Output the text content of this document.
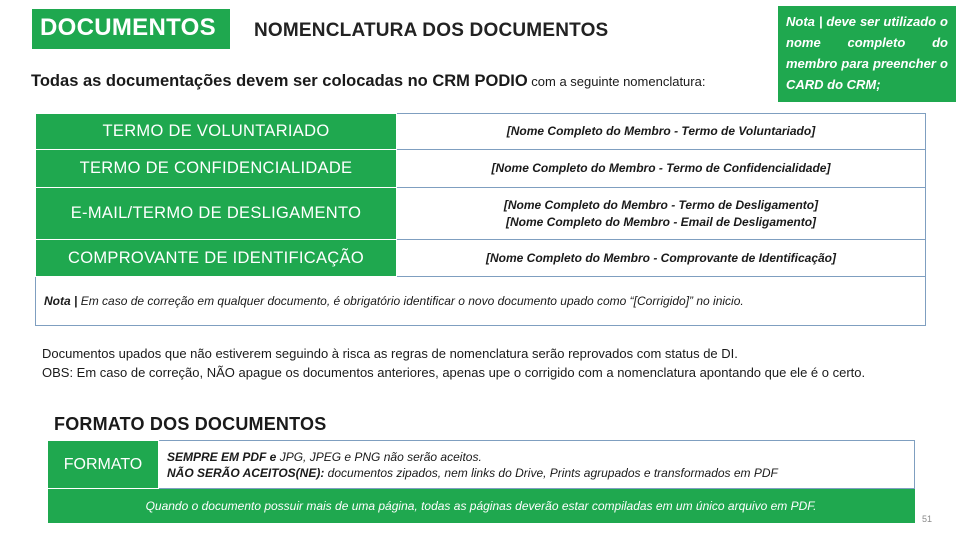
DOCUMENTOS	NOMENCLATURA DOS DOCUMENTOS	Nota | deve ser utilizado o nome completo do membro para preencher o CARD do CRM;
Todas as documentações devem ser colocadas no CRM PODIO com a seguinte nomenclatura:
TERMO DE VOLUNTARIADO	[Nome Completo do Membro - Termo de Voluntariado]
TERMO DE CONFIDENCIALIDADE	[Nome Completo do Membro - Termo de Confidencialidade]
E-MAIL/TERMO DE DESLIGAMENTO	[Nome Completo do Membro - Termo de Desligamento]
[Nome Completo do Membro - Email de Desligamento]

COMPROVANTE DE IDENTIFICAÇÃO	[Nome Completo do Membro - Comprovante de Identificação]
Nota | Em caso de correção em qualquer documento, é obrigatório identificar o novo documento upado como “[Corrigido]” no inicio.	
Documentos upados que não estiverem seguindo à risca as regras de nomenclatura serão reprovados com status de DI.
OBS: Em caso de correção, NÃO apague os documentos anteriores, apenas upe o corrigido com a nomenclatura apontando que ele é o certo.
FORMATO DOS DOCUMENTOS
FORMATO	SEMPRE EM PDF e JPG, JPEG e PNG não serão aceitos.
NÃO SERÃO ACEITOS(NE): documentos zipados, nem links do Drive, Prints agrupados e transformados em PDF

Quando o documento possuir mais de uma página, todas as páginas deverão estar compiladas em um único arquivo em PDF.
51
